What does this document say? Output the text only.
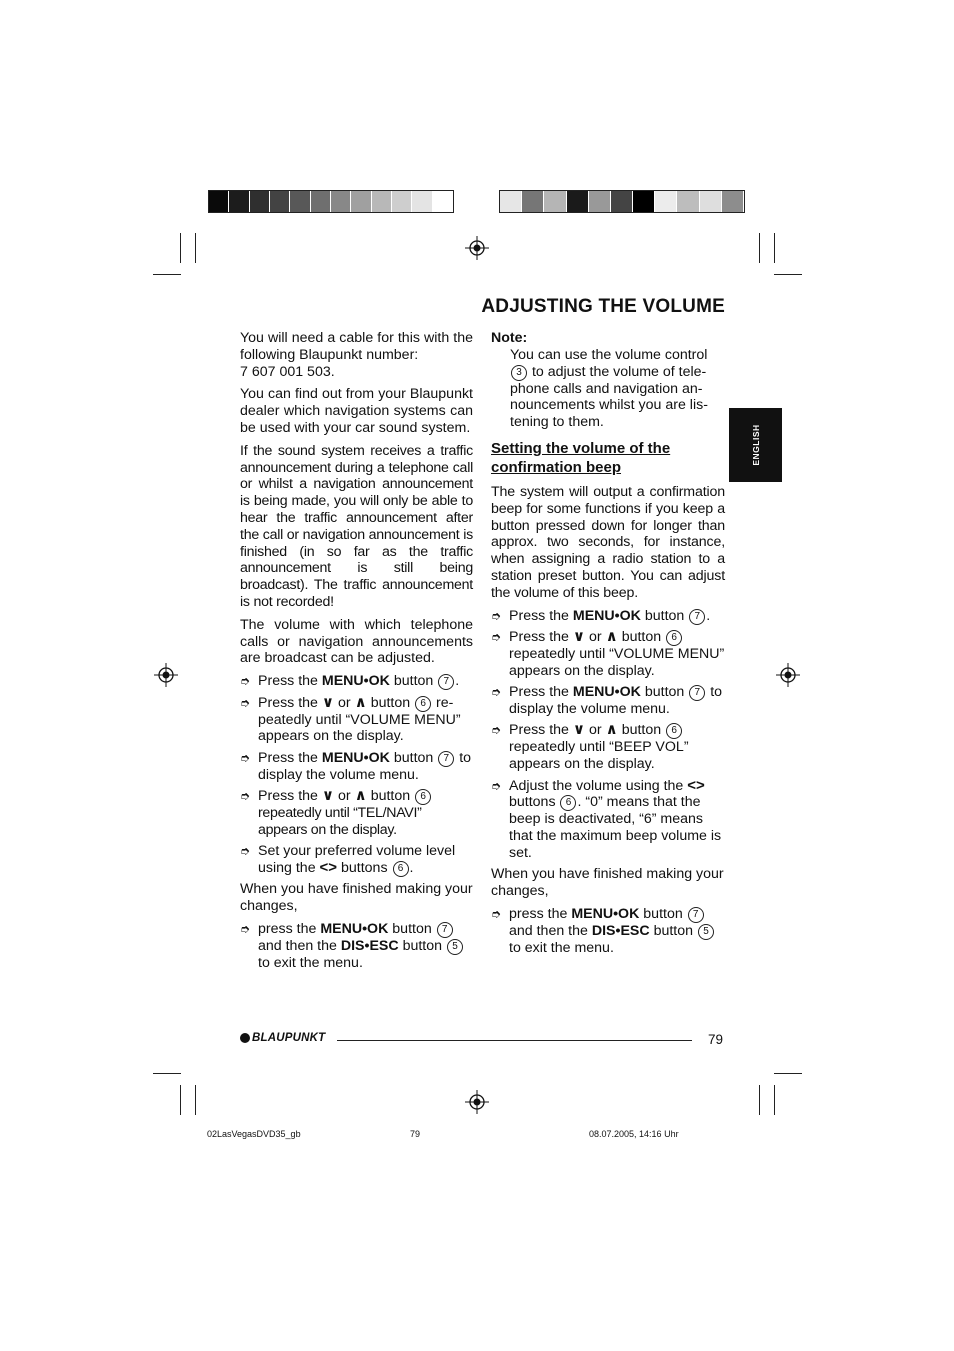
ADJUSTING THE VOLUME
ENGLISH

You will need a cable for this with the following Blaupunkt number:

7 607 001 503.

You can find out from your Blaupunkt dealer which navigation systems can be used with your car sound system.

If the sound system receives a traffic announcement during a telephone call or whilst a navigation announcement is being made, you will only be able to hear the traffic announcement after the call or navigation announcement is finished (in so far as the traffic announcement is still being broadcast). The traffic announcement is not recorded!

The volume with which telephone calls or navigation announcements are broadcast can be adjusted.

➮ Press the MENU•OK button 7 .
➮ Press the ∨ or ∧ button 6 repeatedly until “VOLUME MENU” appears on the display.
➮ Press the MENU•OK button 7 to display the volume menu.
➮ Press the ∨ or ∧ button 6 repeatedly until “TEL/NAVI” appears on the display.
➮ Set your preferred volume level using the <> buttons 6 .

When you have finished making your changes,

➮ press the MENU•OK button 7 and then the DIS•ESC button 5 to exit the menu.
Note:

You can use the volume control 3 to adjust the volume of telephone calls and navigation announcements whilst you are listening to them.

Setting the volume of the confirmation beep

The system will output a confirmation beep for some functions if you keep a button pressed down for longer than approx. two seconds, for instance, when assigning a radio station to a station preset button. You can adjust the volume of this beep.

➮ Press the MENU•OK button 7 .
➮ Press the ∨ or ∧ button 6 repeatedly until “VOLUME MENU” appears on the display.
➮ Press the MENU•OK button 7 to display the volume menu.
➮ Press the ∨ or ∧ button 6 repeatedly until “BEEP VOL” appears on the display.
➮ Adjust the volume using the <> buttons 6 . “0” means that the beep is deactivated, “6” means that the maximum beep volume is set.

When you have finished making your changes,

➮ press the MENU•OK button 7 and then the DIS•ESC button 5 to exit the menu.
BLAUPUNKT	79
02LasVegasDVD35_gb	79	08.07.2005, 14:16 Uhr
